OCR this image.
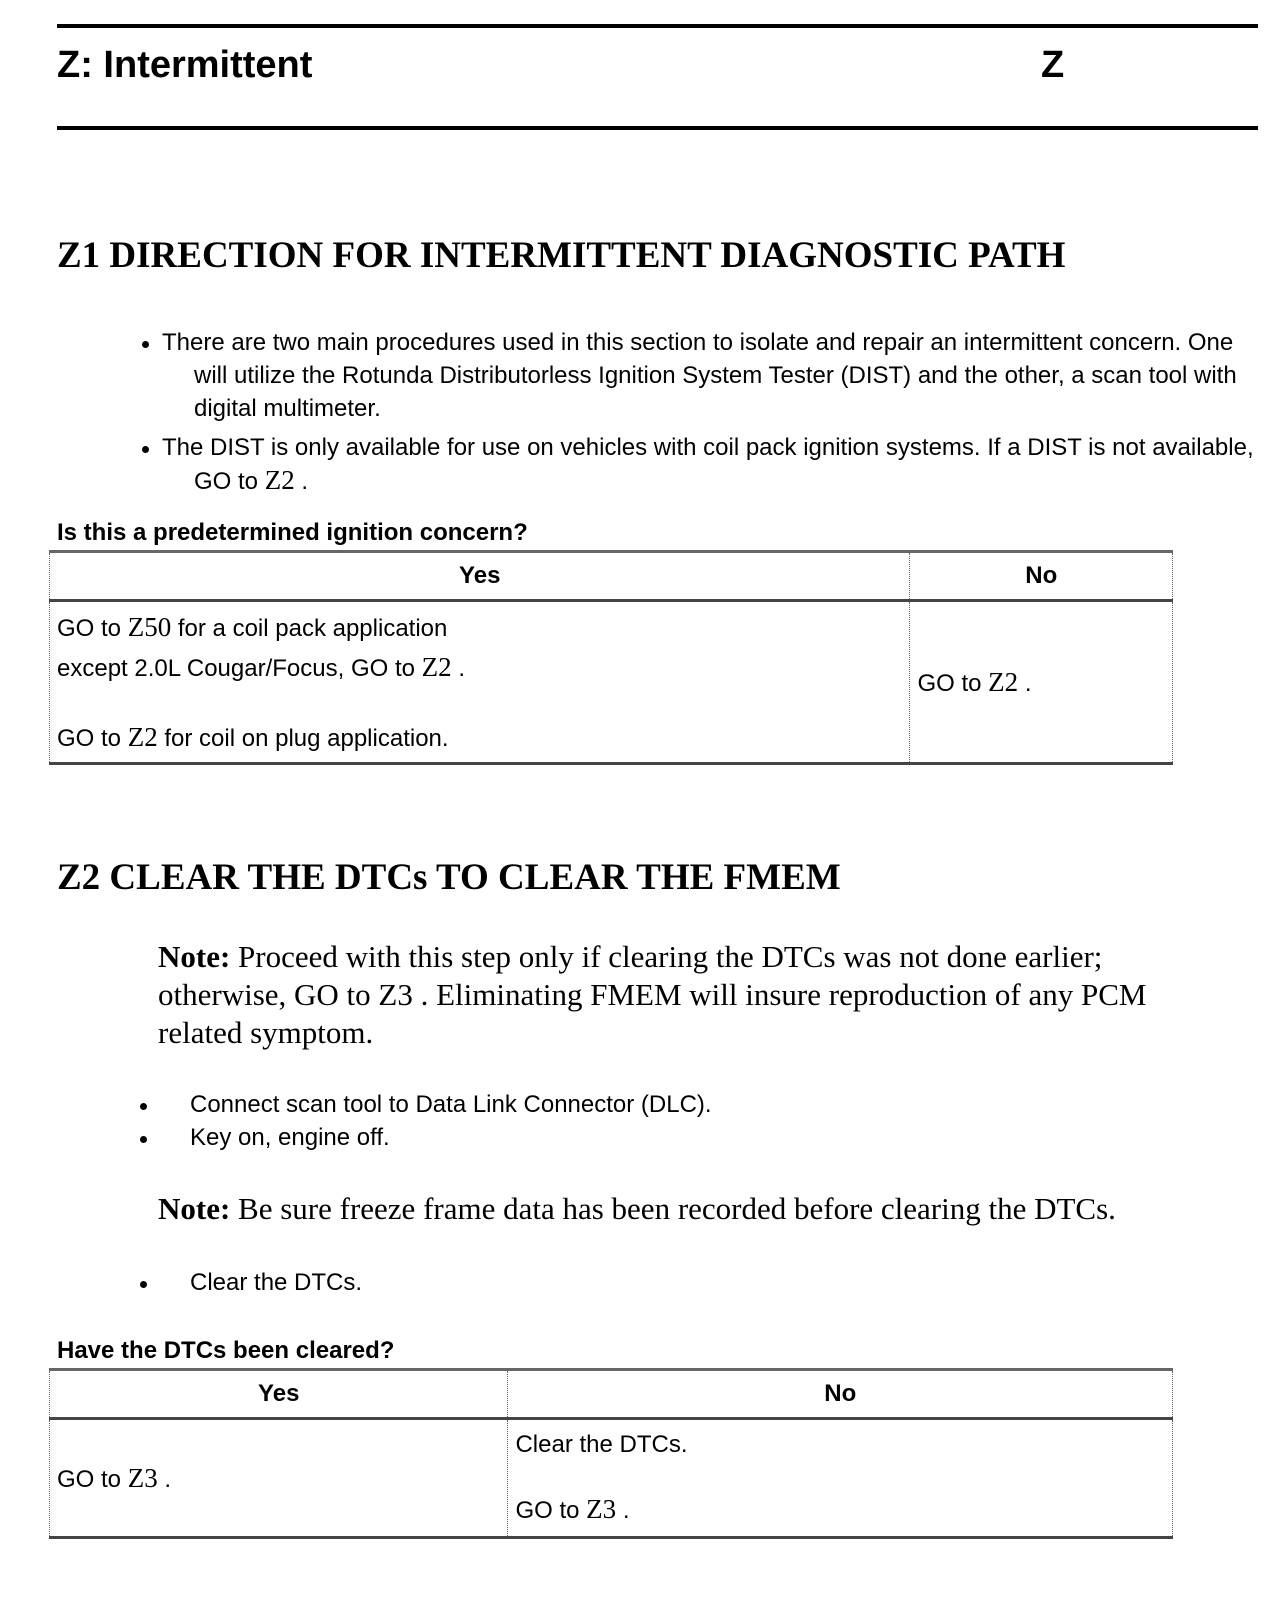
Z: Intermittent	Z
Z1 DIRECTION FOR INTERMITTENT DIAGNOSTIC PATH
There are two main procedures used in this section to isolate and repair an intermittent concern. One will utilize the Rotunda Distributorless Ignition System Tester (DIST) and the other, a scan tool with digital multimeter.
The DIST is only available for use on vehicles with coil pack ignition systems. If a DIST is not available, GO to Z2 .

Is this a predetermined ignition concern?

Yes	No

GO to Z50 for a coil pack application
except 2.0L Cougar/Focus, GO to Z2 .
GO to Z2 for coil on plug application.	GO to Z2 .
Z2 CLEAR THE DTCs TO CLEAR THE FMEM

Note: Proceed with this step only if clearing the DTCs was not done earlier; otherwise, GO to Z3 . Eliminating FMEM will insure reproduction of any PCM related symptom.

Connect scan tool to Data Link Connector (DLC).
Key on, engine off.

Note: Be sure freeze frame data has been recorded before clearing the DTCs.

Clear the DTCs.

Have the DTCs been cleared?

Yes	No
GO to Z3 .	Clear the DTCs.
GO to Z3 .
